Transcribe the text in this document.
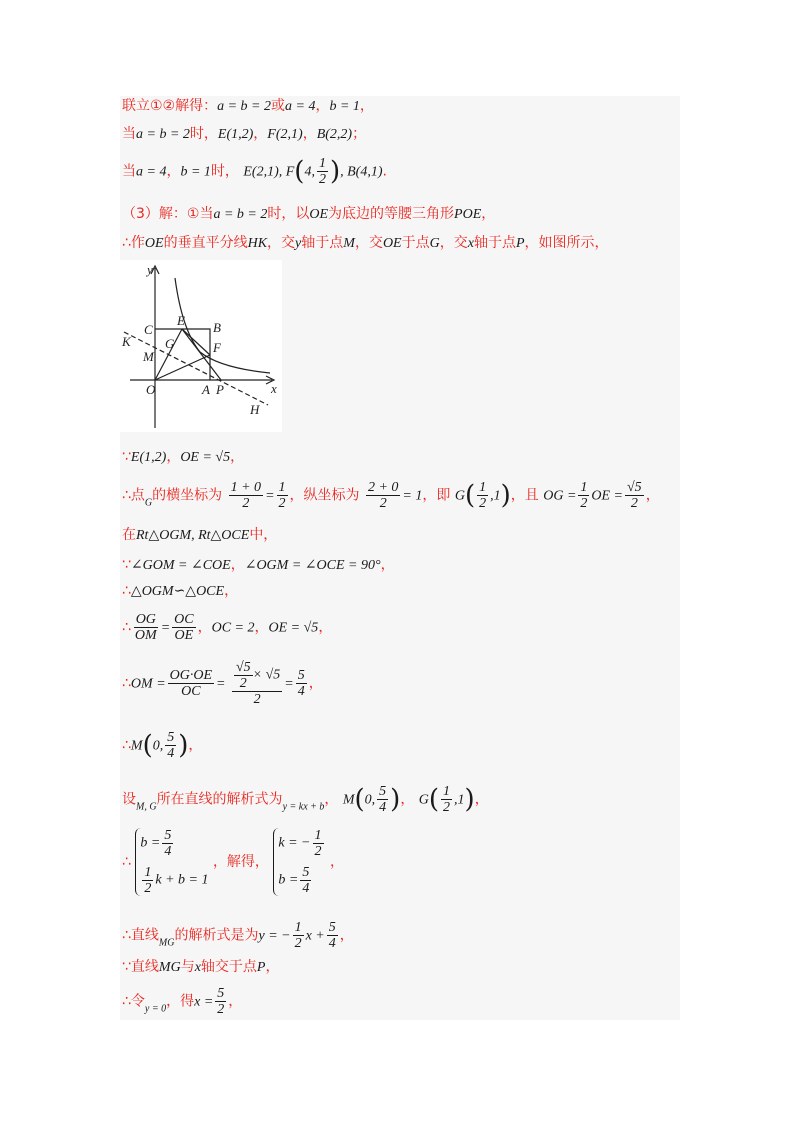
联立①②解得：a = b = 2或a = 4，b = 1，
当a = b = 2时，E(1,2)，F(2,1)，B(2,2)；
当a = 4，b = 1时， E(2,1), F(4, $\frac{1}{2}$ ), B(4,1).
（3）解：①当a = b = 2时，以OE为底边的等腰三角形POE，
∴作OE的垂直平分线HK，交y轴于点M，交OE于点G，交x轴于点P，如图所示，
y
x
C
E B
K	G
M
F
O	A P
H
∵E(1,2)，OE = √5，
∴点$_G$的横坐标为 $\frac{1 + 0}{2} = \frac{1}{2}$ ，纵坐标为 $\frac{2 + 0}{2} = 1$，即 $G( \frac{1}{2} ,1)$，且 OG = $\frac{1}{2}$ OE = $\frac{√5}{2}$ ，
在Rt△OGM, Rt△OCE中，
∵∠GOM = ∠COE，∠OGM = ∠OCE = 90°，
∴△OGM∽△OCE，
∴ $\frac{OG}{OM} = \frac{OC}{OE}$ ，OC = 2，OE = √5，
∴OM = $\frac{OG\cdot OE}{OC} = \frac{\frac{√5}{2} \times √5}{2} = \frac{5}{4}$ ，
∴M(0, $\frac{5}{4}$ )，
设$_{M, G}$所在直线的解析式为$_{y = kx + b}$， M(0, $\frac{5}{4}$ )， $G( \frac{1}{2} ,1)$，
∴
$b = \frac{5}{4}$
$\frac{1}{2}$ k + b = 1
，解得，
k = − $\frac{1}{2}$
$b = \frac{5}{4}$
，
∴直线$_{MG}$的解析式是为y = − $\frac{1}{2}$ $x + \frac{5}{4}$ ，
∵直线MG与x轴交于点P，
∴令$_{y = 0}$，得$x = \frac{5}{2}$ ，
